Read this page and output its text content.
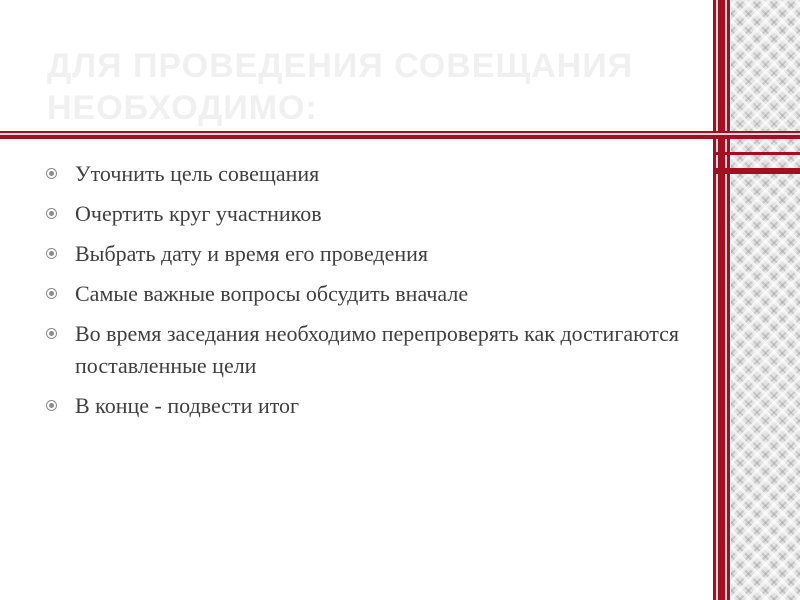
ДЛЯ ПРОВЕДЕНИЯ СОВЕЩАНИЯ НЕОБХОДИМО:
Уточнить цель совещания
Очертить круг участников
Выбрать дату и время его проведения
Самые важные вопросы обсудить вначале
Во время заседания необходимо перепроверять как достигаются поставленные цели
В конце - подвести итог
